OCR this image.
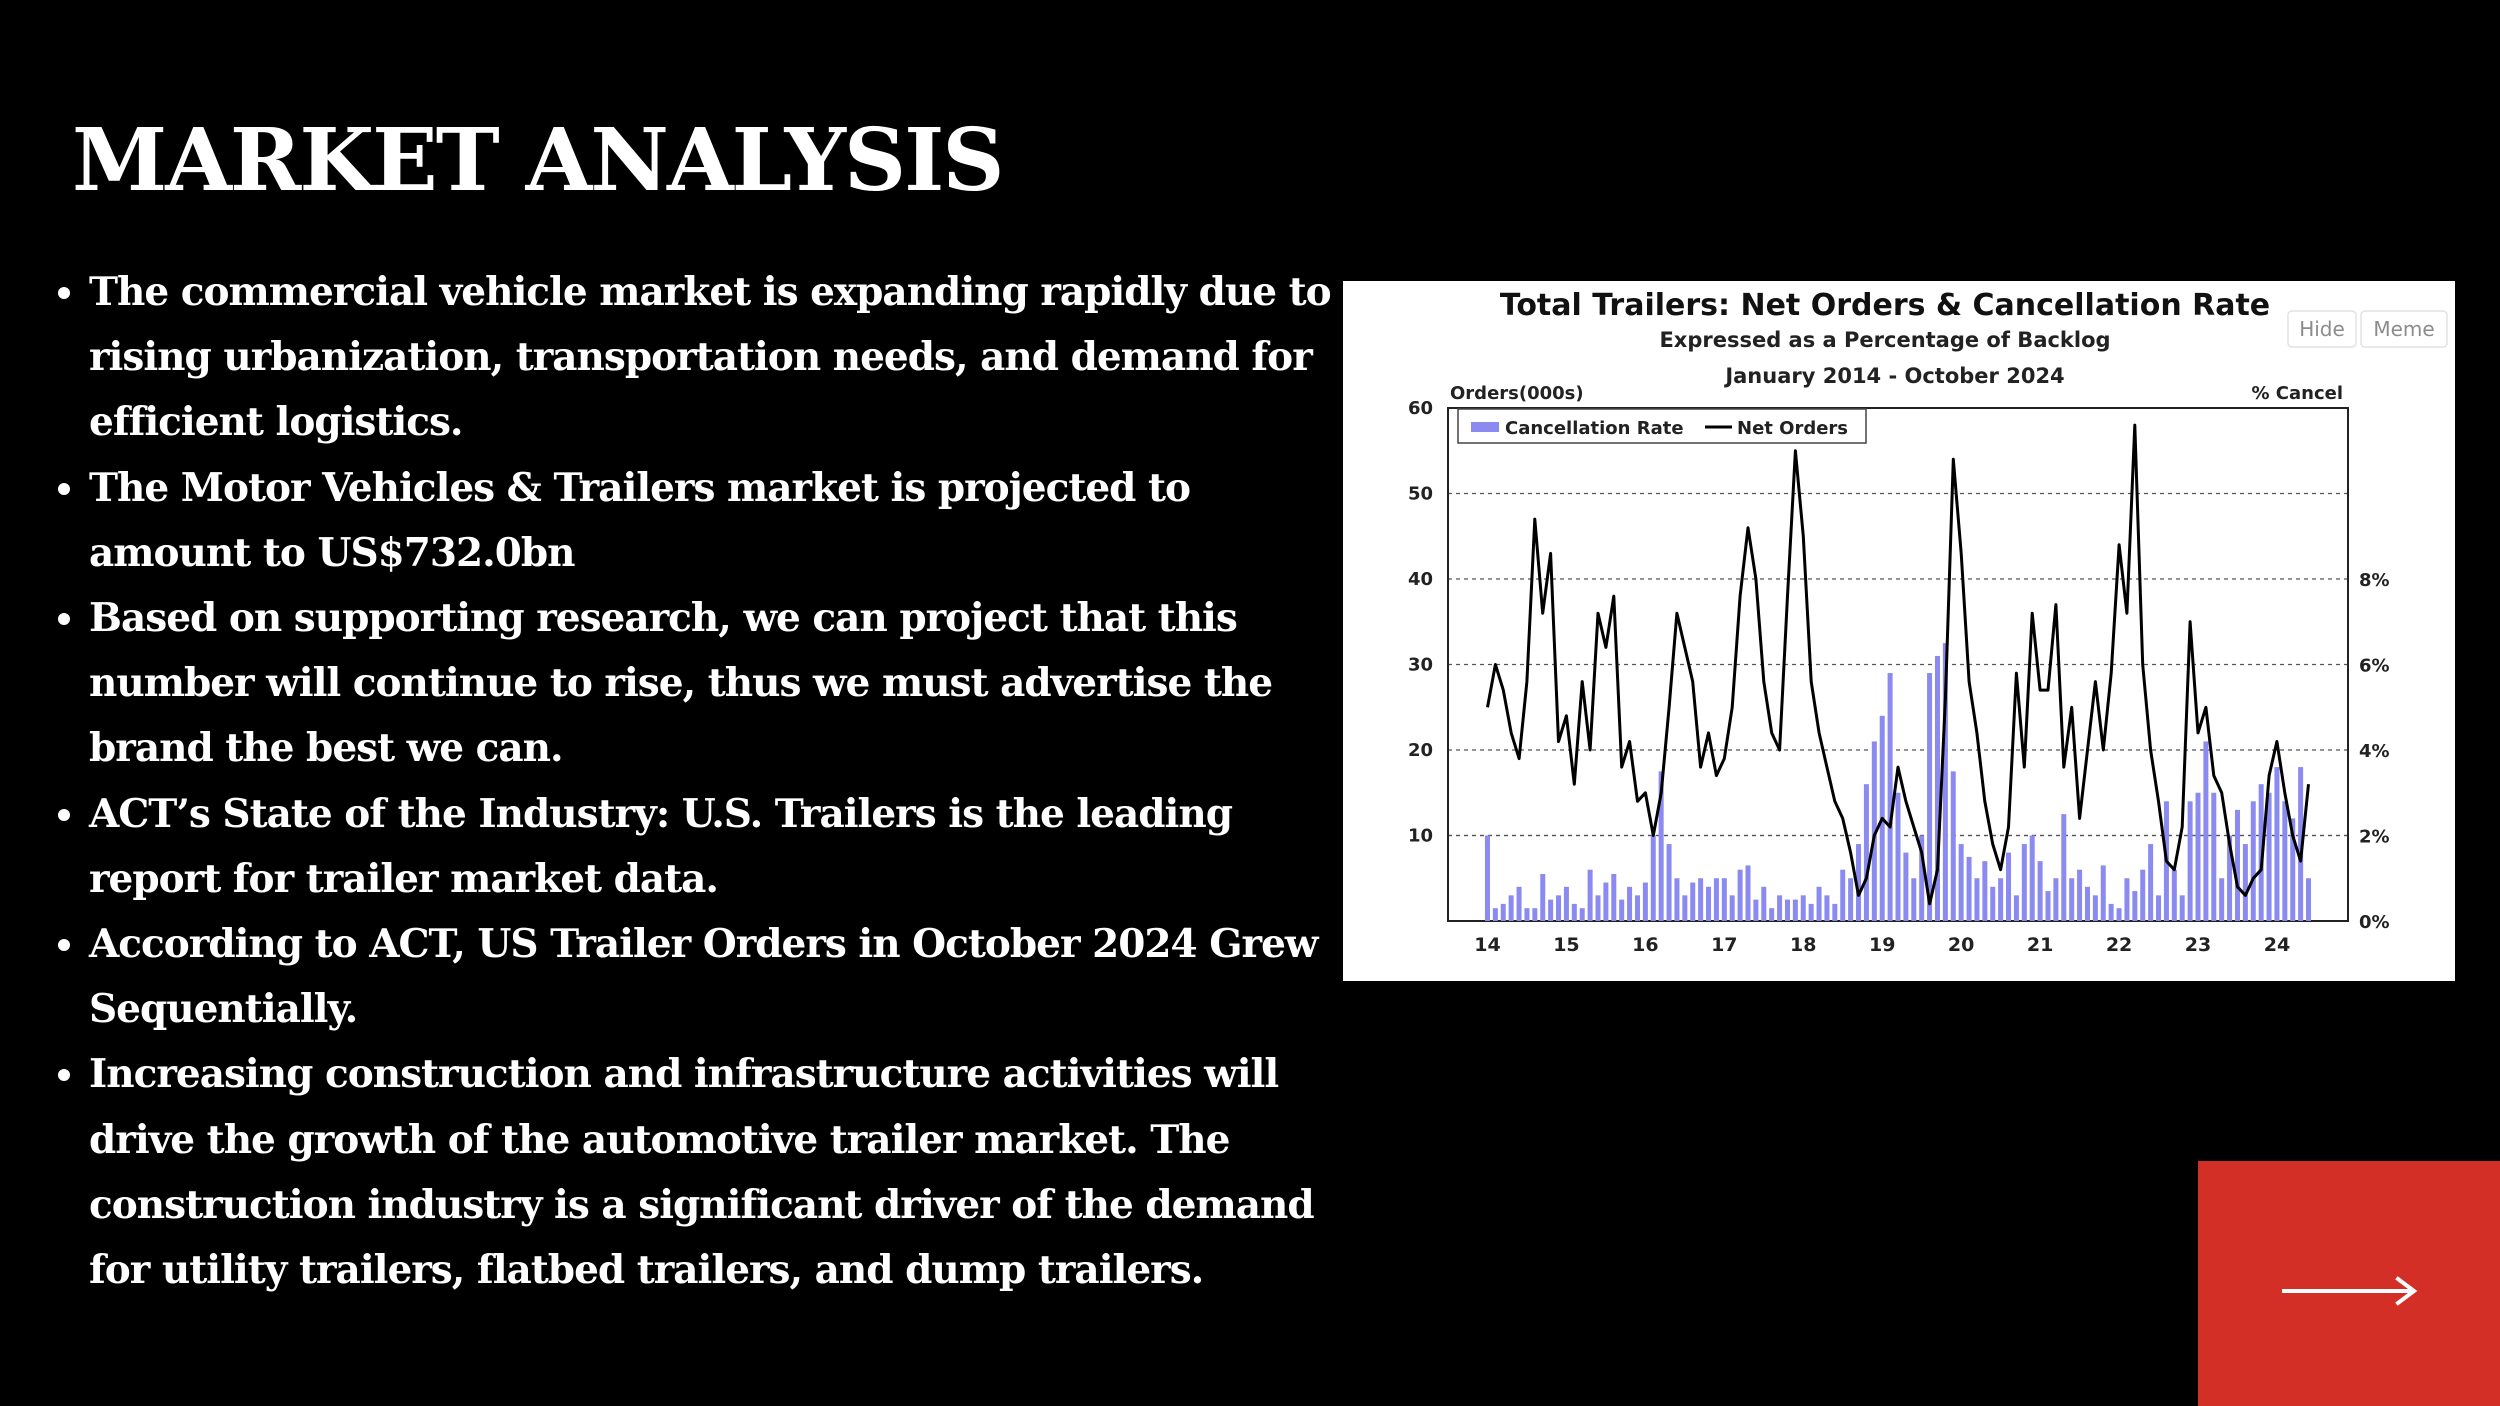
MARKET ANALYSIS
• The commercial vehicle market is expanding rapidly due to rising urbanization, transportation needs, and demand for efficient logistics.
• The Motor Vehicles & Trailers market is projected to amount to US$732.0bn
• Based on supporting research, we can project that this number will continue to rise, thus we must advertise the brand the best we can.
• ACT’s State of the Industry: U.S. Trailers is the leading report for trailer market data.
• According to ACT, US Trailer Orders in October 2024 Grew Sequentially.
• Increasing construction and infrastructure activities will drive the growth of the automotive trailer market. The construction industry is a significant driver of the demand for utility trailers, flatbed trailers, and dump trailers.
Total Trailers: Net Orders & Cancellation Rate
Expressed as a Percentage of Backlog
January 2014 - October 2024
Orders(000s)	% Cancel
10
20
30
40
50
60
0%
2%
4%
6%
8%
14	15	16	17	18	19	20	21	22	23	24
Cancellation Rate	Net Orders
Hide Meme
